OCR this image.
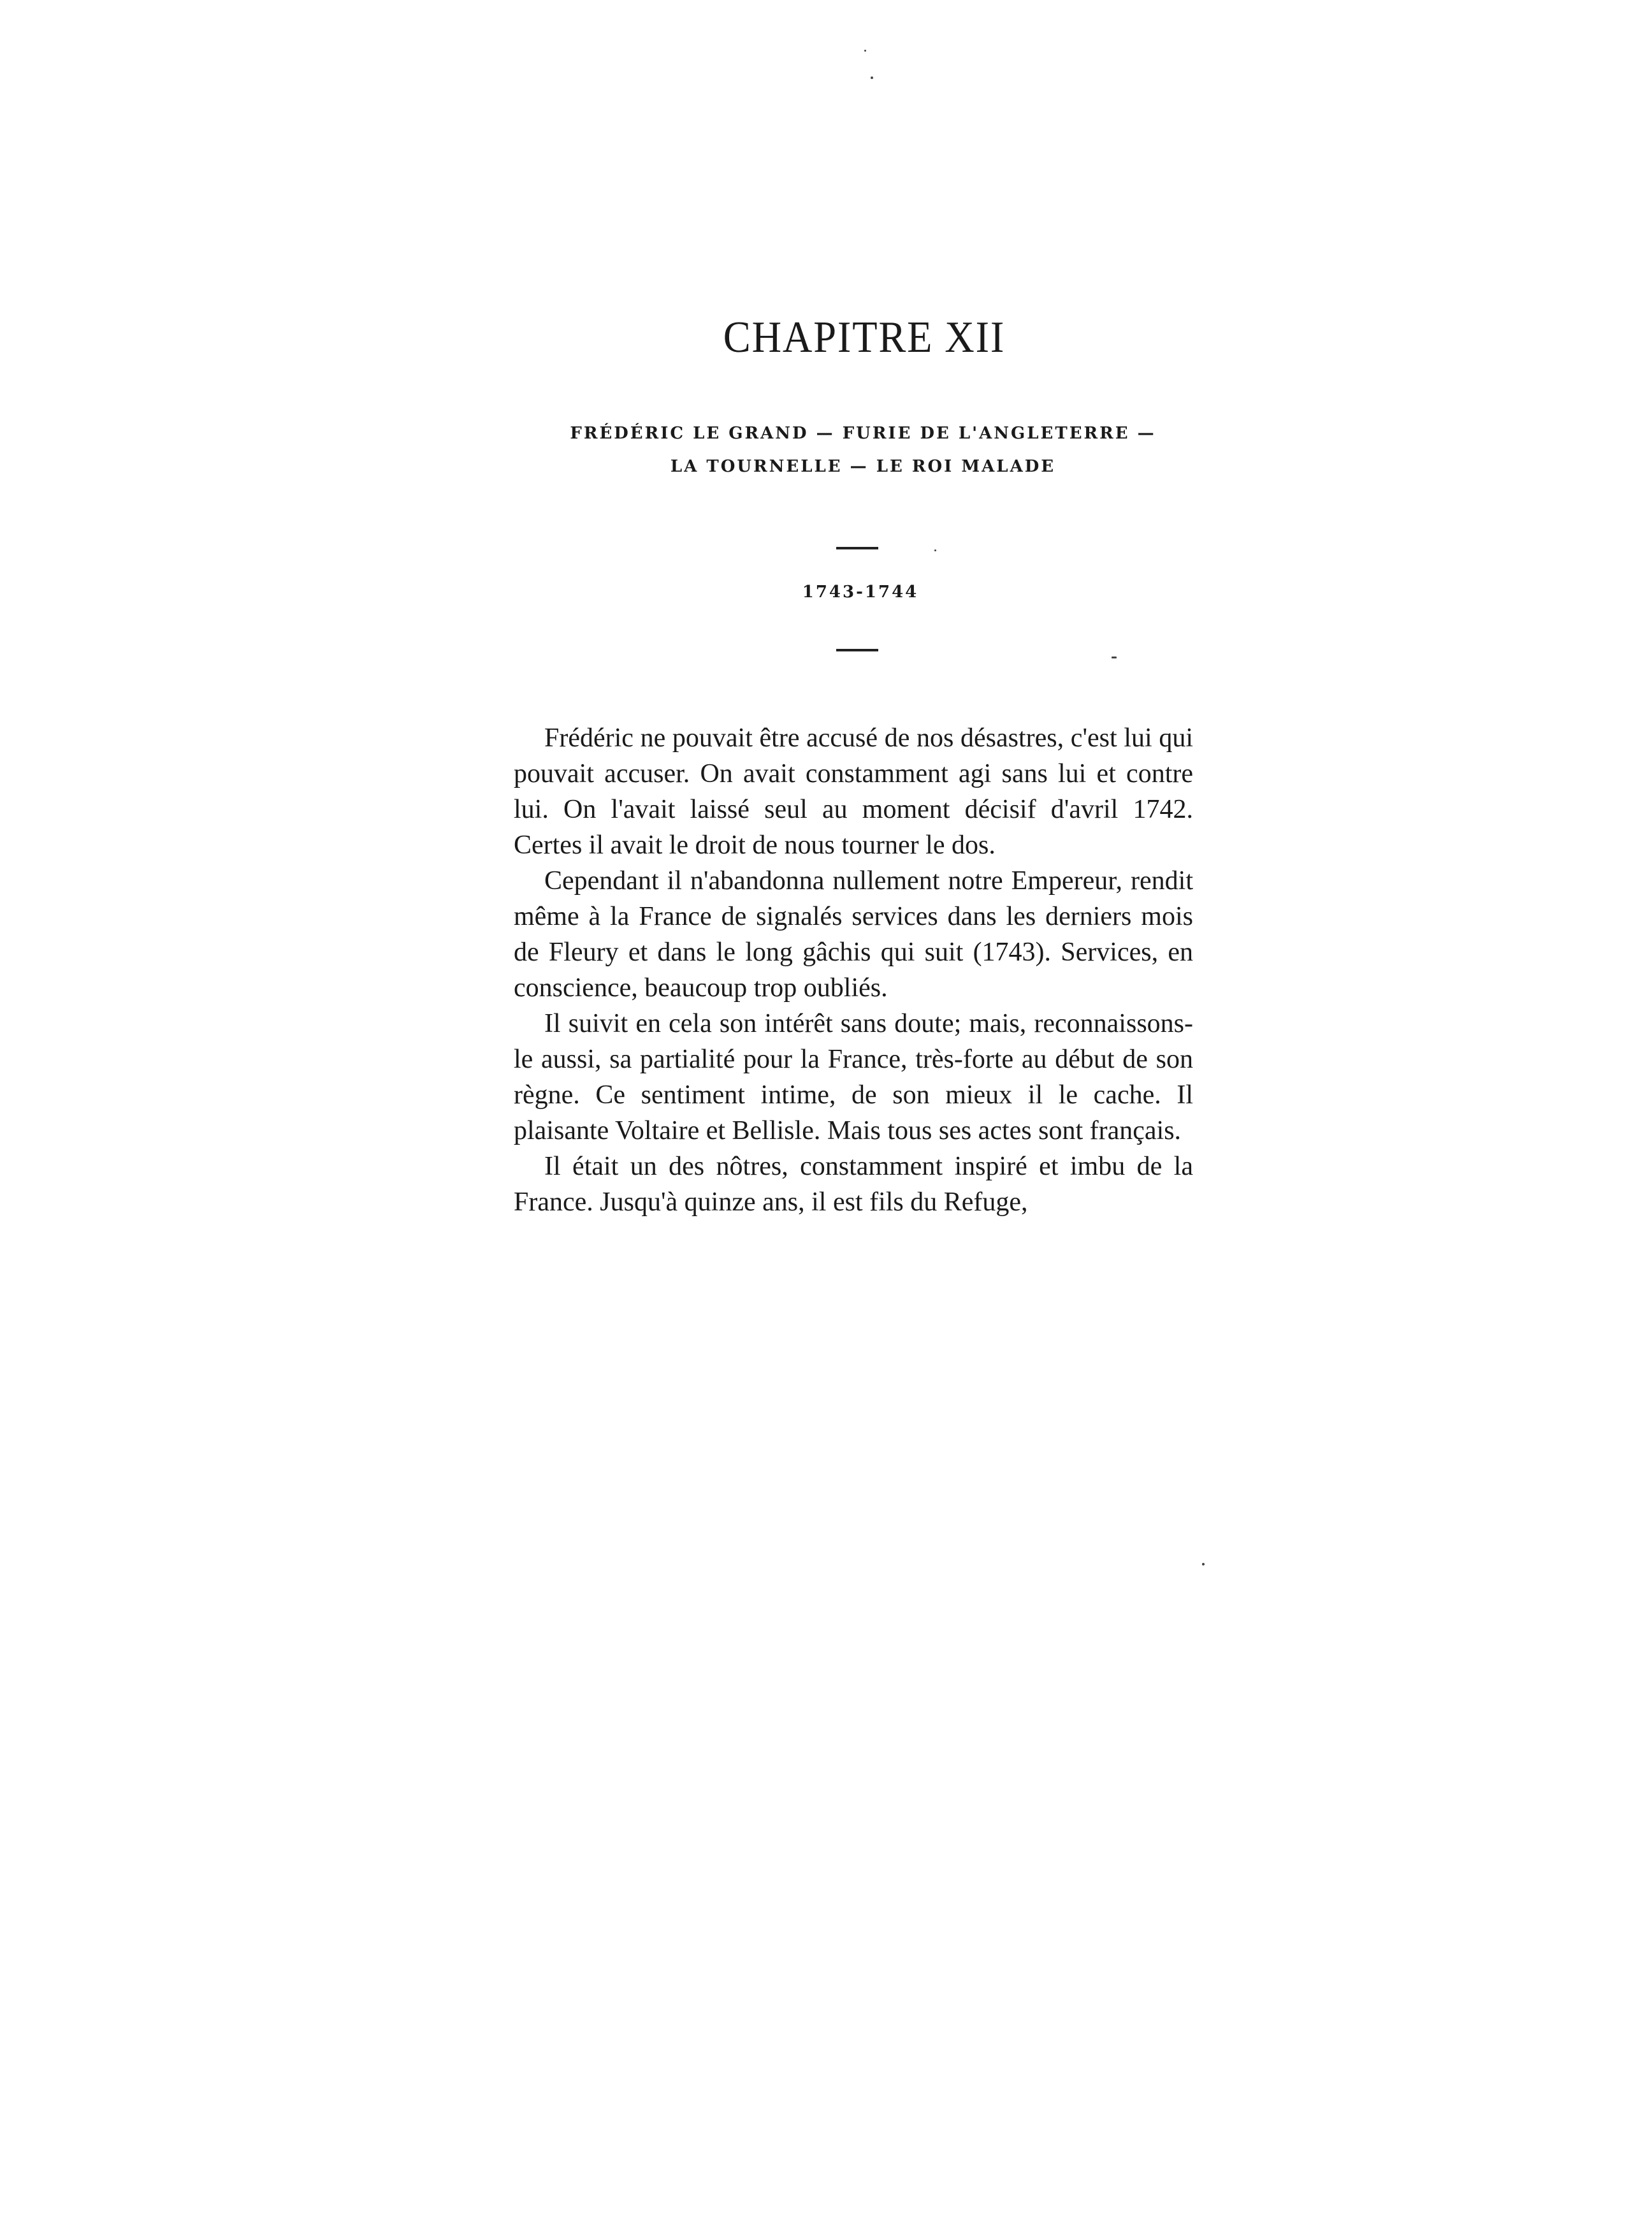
CHAPITRE XII

FRÉDÉRIC LE GRAND — FURIE DE L'ANGLETERRE —

LA TOURNELLE — LE ROI MALADE

1743-1744

Frédéric ne pouvait être accusé de nos désastres, c'est lui qui pouvait accuser. On avait constamment agi sans lui et contre lui. On l'avait laissé seul au moment décisif d'avril 1742. Certes il avait le droit de nous tourner le dos.

Cependant il n'abandonna nullement notre Empereur, rendit même à la France de signalés services dans les derniers mois de Fleury et dans le long gâchis qui suit (1743). Services, en conscience, beaucoup trop oubliés.

Il suivit en cela son intérêt sans doute; mais, reconnaissons-le aussi, sa partialité pour la France, très-forte au début de son règne. Ce sentiment intime, de son mieux il le cache. Il plaisante Voltaire et Bellisle. Mais tous ses actes sont français.

Il était un des nôtres, constamment inspiré et imbu de la France. Jusqu'à quinze ans, il est fils du Refuge,
